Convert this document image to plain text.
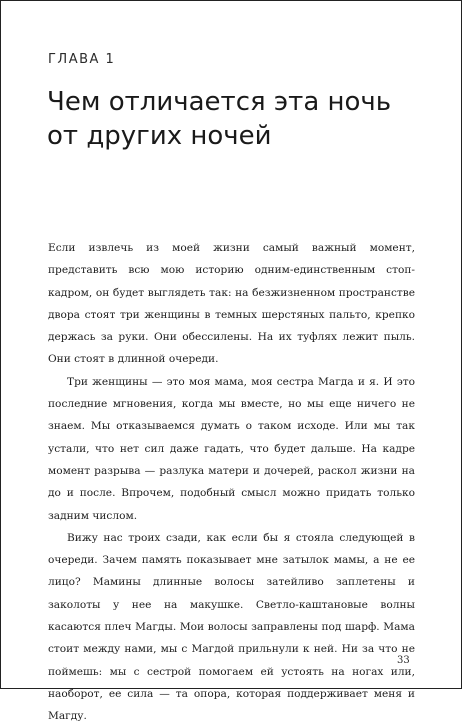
ГЛАВА 1
Чем отличается эта ночь
от других ночей

Если извлечь из моей жизни самый важный момент, представить всю мою историю одним-единственным стоп-кадром, он будет выглядеть так: на безжизненном пространстве двора стоят три женщины в темных шерстяных пальто, крепко держась за руки. Они обессилены. На их туфлях лежит пыль. Они стоят в длинной очереди.

Три женщины — это моя мама, моя сестра Магда и я. И это последние мгновения, когда мы вместе, но мы еще ничего не знаем. Мы отказываемся думать о таком исходе. Или мы так устали, что нет сил даже гадать, что будет дальше. На кадре момент разрыва — разлука матери и дочерей, раскол жизни на до и после. Впрочем, подобный смысл можно придать только задним числом.

Вижу нас троих сзади, как если бы я стояла следующей в очереди. Зачем память показывает мне затылок мамы, а не ее лицо? Мамины длинные волосы затейливо заплетены и заколоты у нее на макушке. Светло-каштановые волны касаются плеч Магды. Мои волосы заправлены под шарф. Мама стоит между нами, мы с Магдой прильнули к ней. Ни за что не поймешь: мы с сестрой помогаем ей устоять на ногах или, наоборот, ее сила — та опора, которая поддерживает меня и Магду.

33
